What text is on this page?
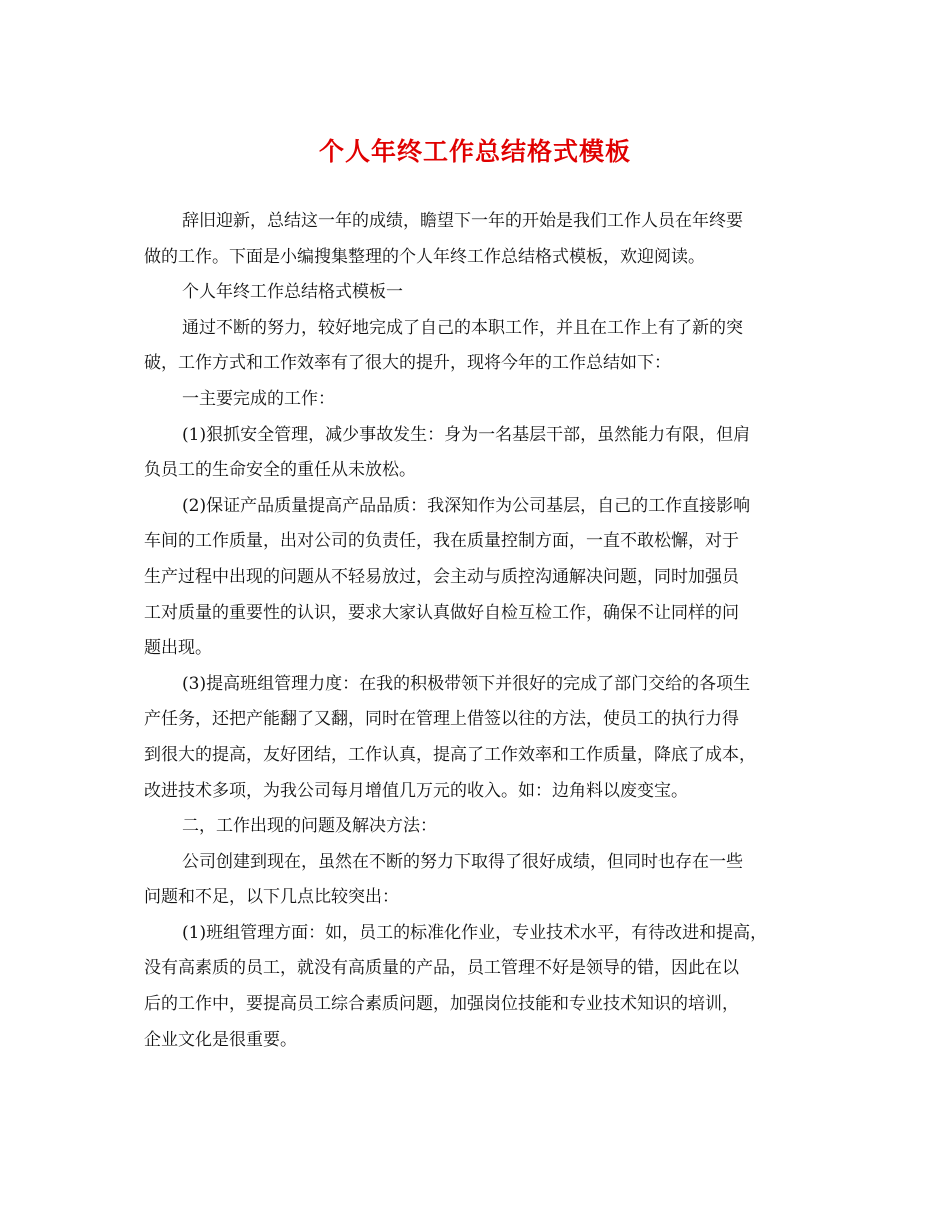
个人年终工作总结格式模板
辞旧迎新，总结这一年的成绩，瞻望下一年的开始是我们工作人员在年终要
做的工作。下面是小编搜集整理的个人年终工作总结格式模板，欢迎阅读。
个人年终工作总结格式模板一
通过不断的努力，较好地完成了自己的本职工作，并且在工作上有了新的突
破，工作方式和工作效率有了很大的提升，现将今年的工作总结如下：
一主要完成的工作：
(1)狠抓安全管理，减少事故发生：身为一名基层干部，虽然能力有限，但肩
负员工的生命安全的重任从未放松。
(2)保证产品质量提高产品品质：我深知作为公司基层，自己的工作直接影响
车间的工作质量，出对公司的负责任，我在质量控制方面，一直不敢松懈，对于
生产过程中出现的问题从不轻易放过，会主动与质控沟通解决问题，同时加强员
工对质量的重要性的认识，要求大家认真做好自检互检工作，确保不让同样的问
题出现。
(3)提高班组管理力度：在我的积极带领下并很好的完成了部门交给的各项生
产任务，还把产能翻了又翻，同时在管理上借签以往的方法，使员工的执行力得
到很大的提高，友好团结，工作认真，提高了工作效率和工作质量，降底了成本，
改进技术多项，为我公司每月增值几万元的收入。如：边角料以废变宝。
二，工作出现的问题及解决方法：
公司创建到现在，虽然在不断的努力下取得了很好成绩，但同时也存在一些
问题和不足，以下几点比较突出：
(1)班组管理方面：如，员工的标准化作业，专业技术水平，有待改进和提高，
没有高素质的员工，就没有高质量的产品，员工管理不好是领导的错，因此在以
后的工作中，要提高员工综合素质问题，加强岗位技能和专业技术知识的培训，
企业文化是很重要。
